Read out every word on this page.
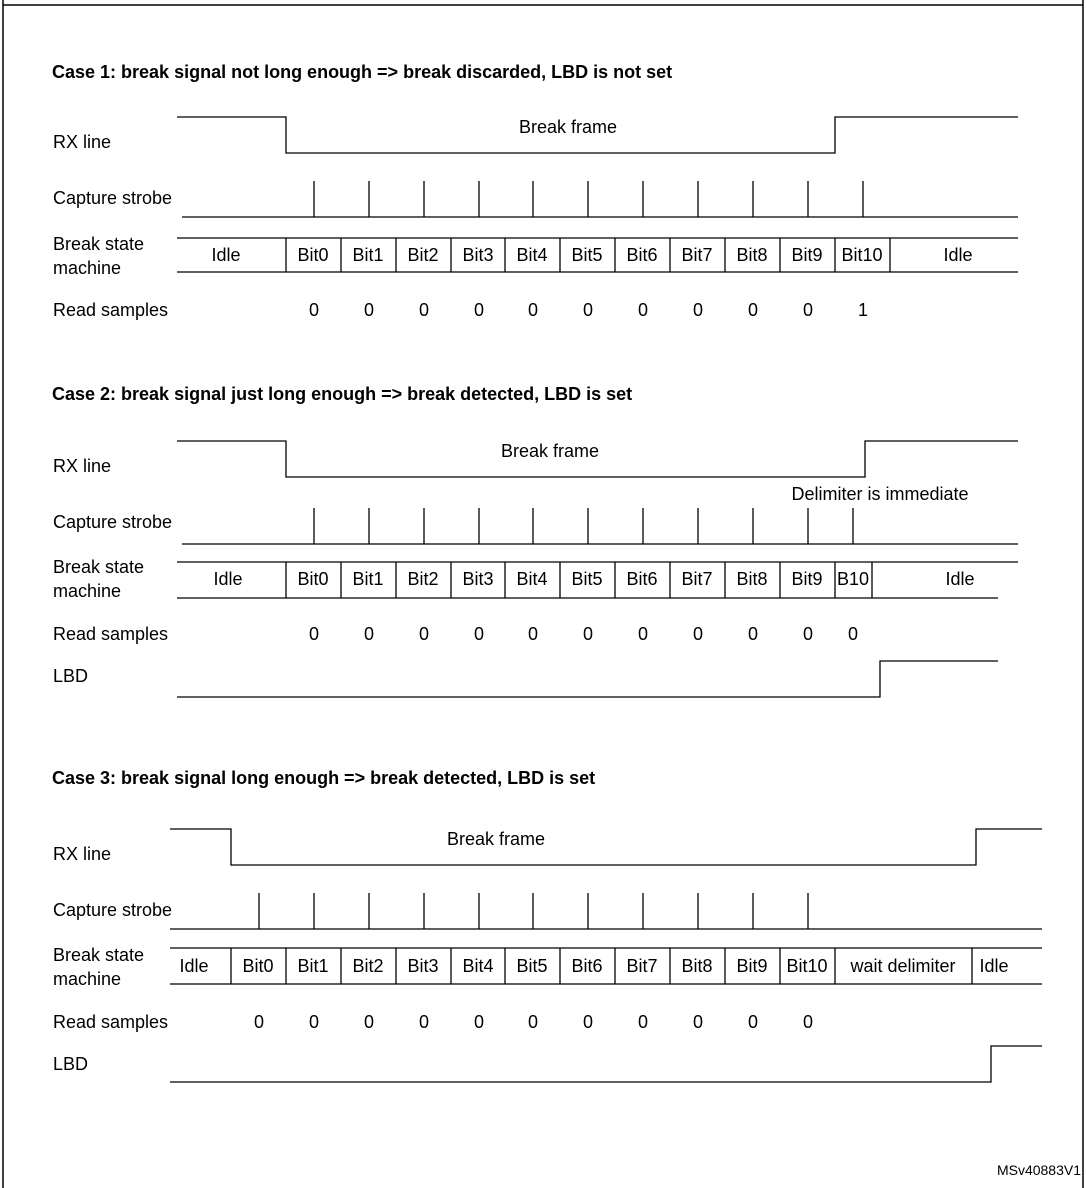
Case 1: break signal not long enough => break discarded, LBD is not set
RX line
Capture strobe
Break state
machine
Read samples
Break frame
Idle	Bit0 Bit1 Bit2 Bit3 Bit4 Bit5 Bit6 Bit7 Bit8 Bit9 Bit10	Idle
0 0 0 0 0 0 0 0 0 0 1
Case 2: break signal just long enough => break detected, LBD is set
RX line
Capture strobe
Break state
machine
Read samples
LBD
Break frame
Delimiter is immediate
Idle	Bit0 Bit1 Bit2 Bit3 Bit4 Bit5 Bit6 Bit7 Bit8 Bit9 B10	Idle
0 0 0 0 0 0 0 0 0 0 0
Case 3: break signal long enough => break detected, LBD is set
RX line
Capture strobe
Break state
machine
Read samples
LBD
Break frame
Idle Bit0 Bit1 Bit2 Bit3 Bit4 Bit5 Bit6 Bit7 Bit8 Bit9 Bit10 wait delimiter Idle
0 0 0 0 0 0 0 0 0 0 0
MSv40883V1
